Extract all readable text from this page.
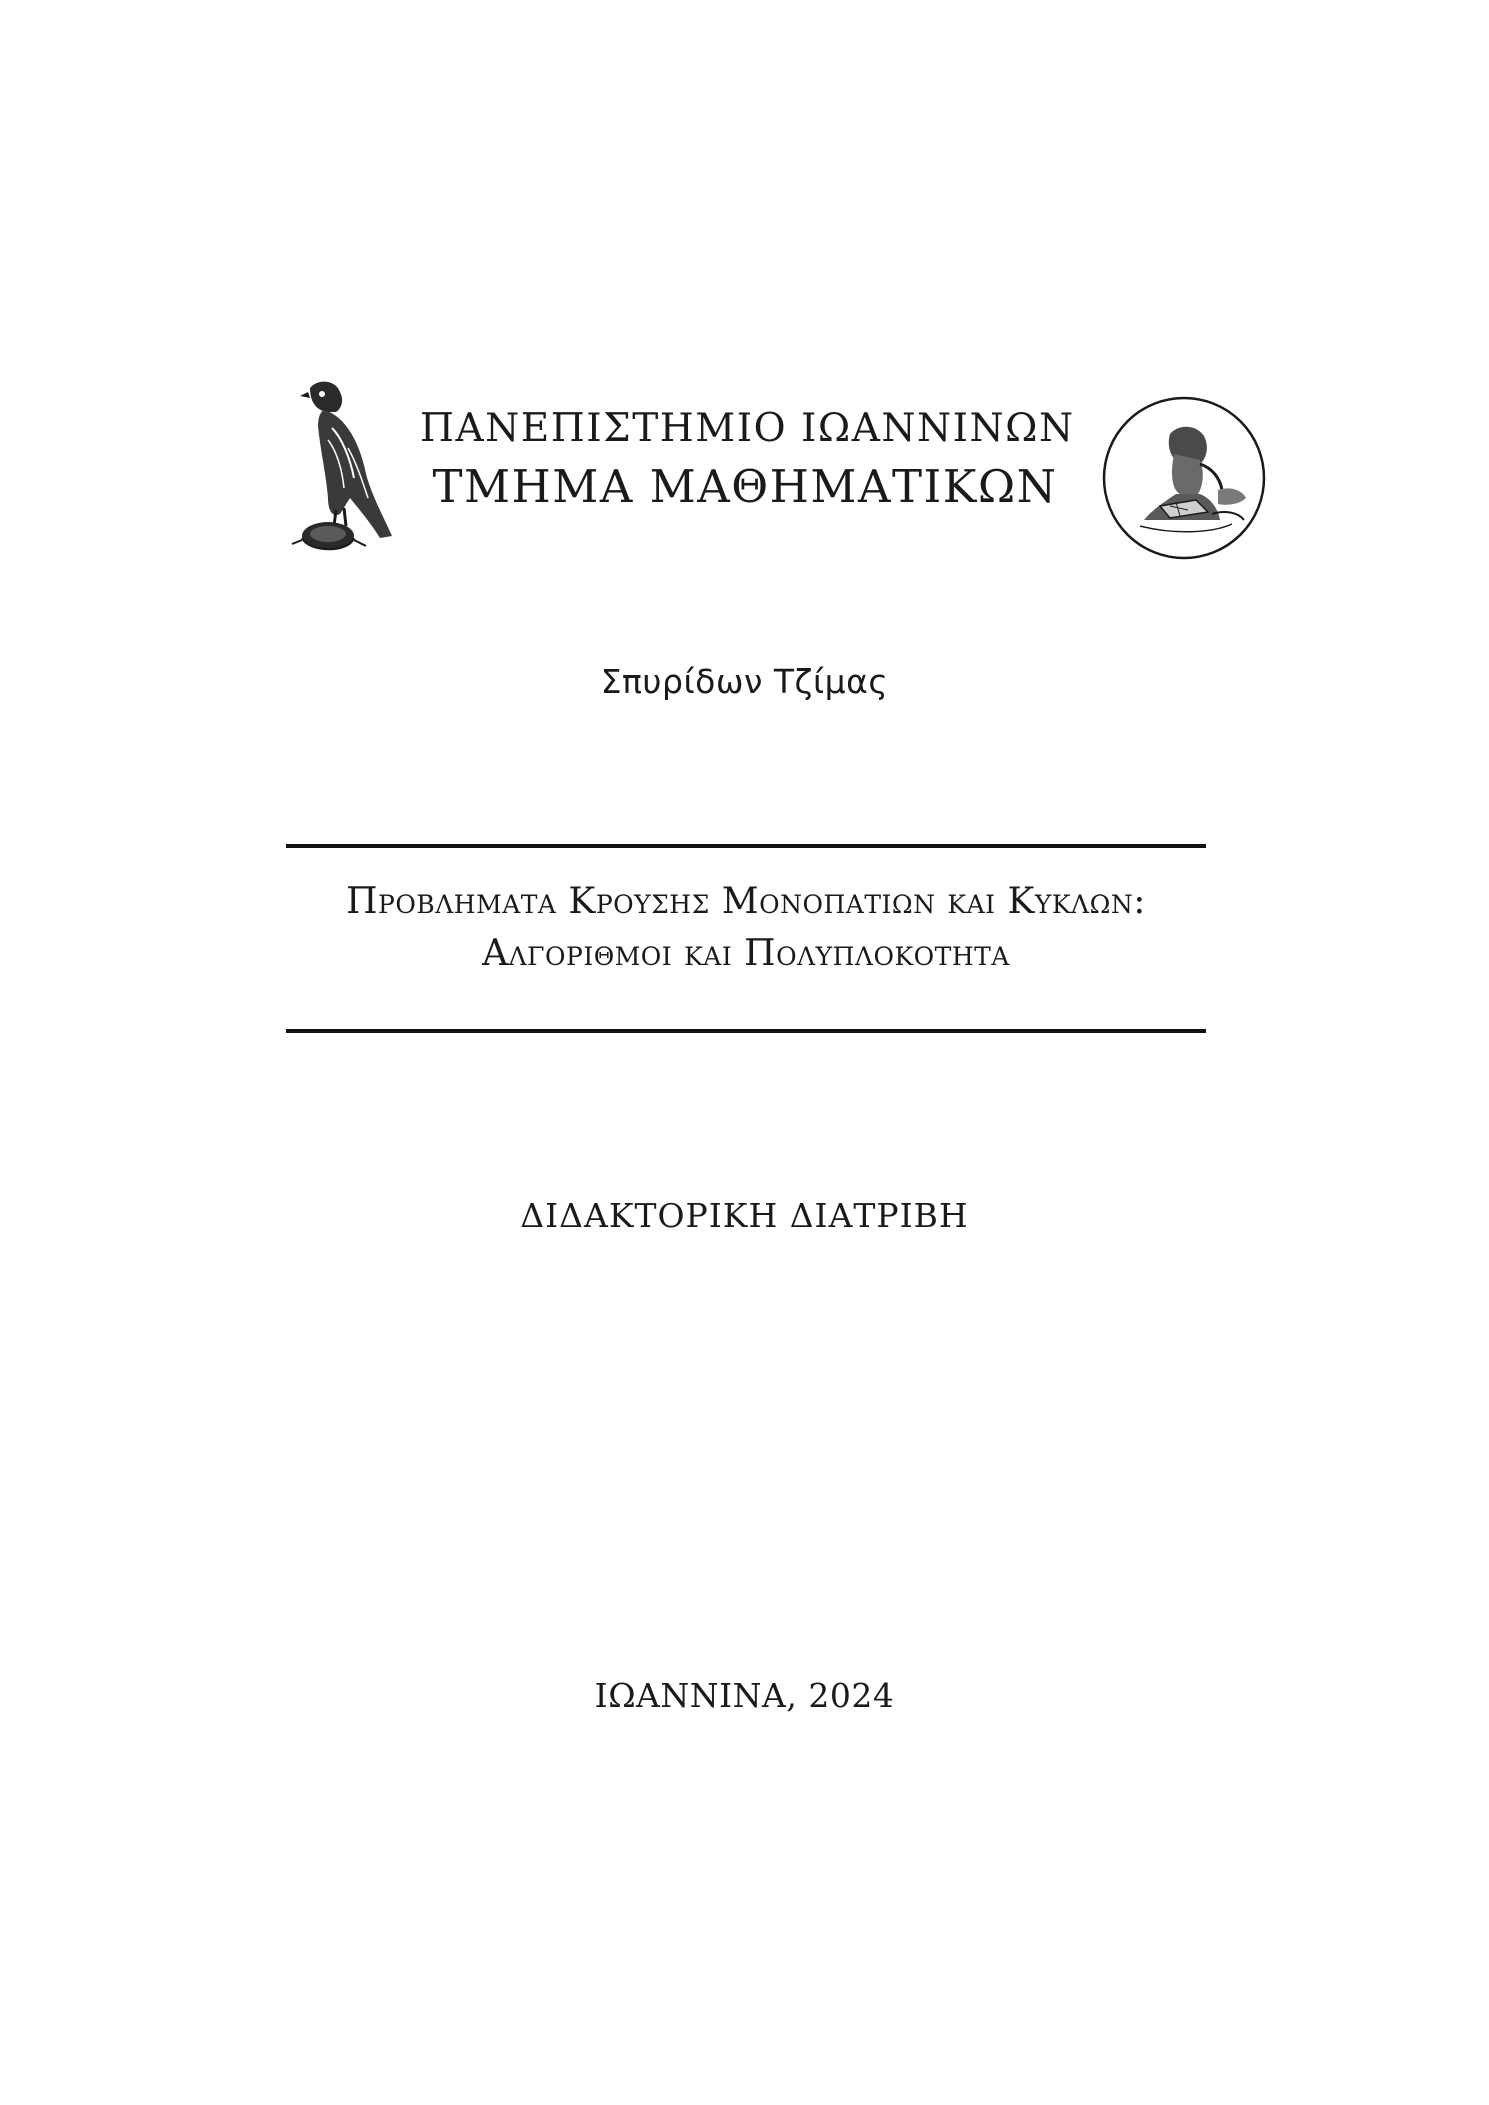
ΠΑΝΕΠΙΣΤΗΜΙΟ ΙΩΑΝΝΙΝΩΝ
ΤΜΗΜΑ ΜΑΘΗΜΑΤΙΚΩΝ
Σπυρίδων Τζίμας
Προβληματα Κρουσης Μονοπατιων και Κυκλων:
Αλγοριθμοι και Πολυπλοκοτητα
ΔΙΔΑΚΤΟΡΙΚΗ ΔΙΑΤΡΙΒΗ
ΙΩΑΝΝΙΝΑ, 2024
